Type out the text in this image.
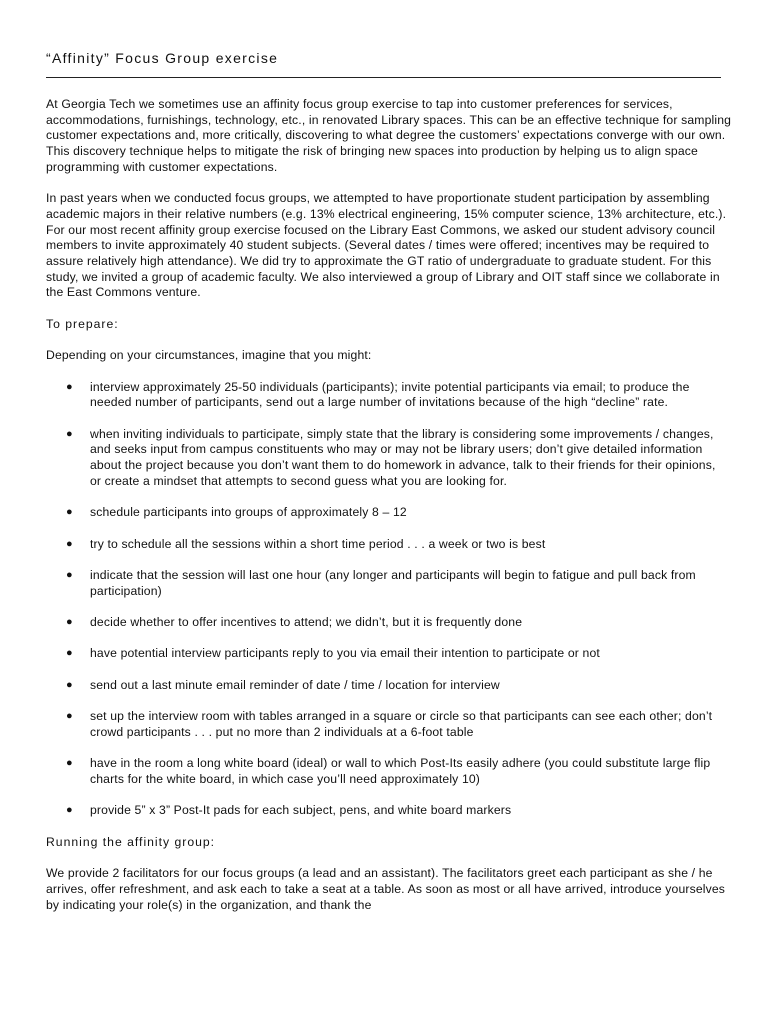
“Affinity” Focus Group exercise

At Georgia Tech we sometimes use an affinity focus group exercise to tap into customer preferences for services, accommodations, furnishings, technology, etc., in renovated Library spaces. This can be an effective technique for sampling customer expectations and, more critically, discovering to what degree the customers’ expectations converge with our own. This discovery technique helps to mitigate the risk of bringing new spaces into production by helping us to align space programming with customer expectations.

In past years when we conducted focus groups, we attempted to have proportionate student participation by assembling academic majors in their relative numbers (e.g. 13% electrical engineering, 15% computer science, 13% architecture, etc.). For our most recent affinity group exercise focused on the Library East Commons, we asked our student advisory council members to invite approximately 40 student subjects. (Several dates / times were offered; incentives may be required to assure relatively high attendance). We did try to approximate the GT ratio of undergraduate to graduate student. For this study, we invited a group of academic faculty. We also interviewed a group of Library and OIT staff since we collaborate in the East Commons venture.

To prepare:

Depending on your circumstances, imagine that you might:

● interview approximately 25-50 individuals (participants); invite potential participants via email; to produce the needed number of participants, send out a large number of invitations because of the high “decline” rate.
● when inviting individuals to participate, simply state that the library is considering some improvements / changes, and seeks input from campus constituents who may or may not be library users; don’t give detailed information about the project because you don’t want them to do homework in advance, talk to their friends for their opinions, or create a mindset that attempts to second guess what you are looking for.
● schedule participants into groups of approximately 8 – 12
● try to schedule all the sessions within a short time period . . . a week or two is best
● indicate that the session will last one hour (any longer and participants will begin to fatigue and pull back from participation)
● decide whether to offer incentives to attend; we didn’t, but it is frequently done
● have potential interview participants reply to you via email their intention to participate or not
● send out a last minute email reminder of date / time / location for interview
● set up the interview room with tables arranged in a square or circle so that participants can see each other; don’t crowd participants . . . put no more than 2 individuals at a 6-foot table
● have in the room a long white board (ideal) or wall to which Post-Its easily adhere (you could substitute large flip charts for the white board, in which case you’ll need approximately 10)
● provide 5” x 3” Post-It pads for each subject, pens, and white board markers

Running the affinity group:

We provide 2 facilitators for our focus groups (a lead and an assistant). The facilitators greet each participant as she / he arrives, offer refreshment, and ask each to take a seat at a table. As soon as most or all have arrived, introduce yourselves by indicating your role(s) in the organization, and thank the
